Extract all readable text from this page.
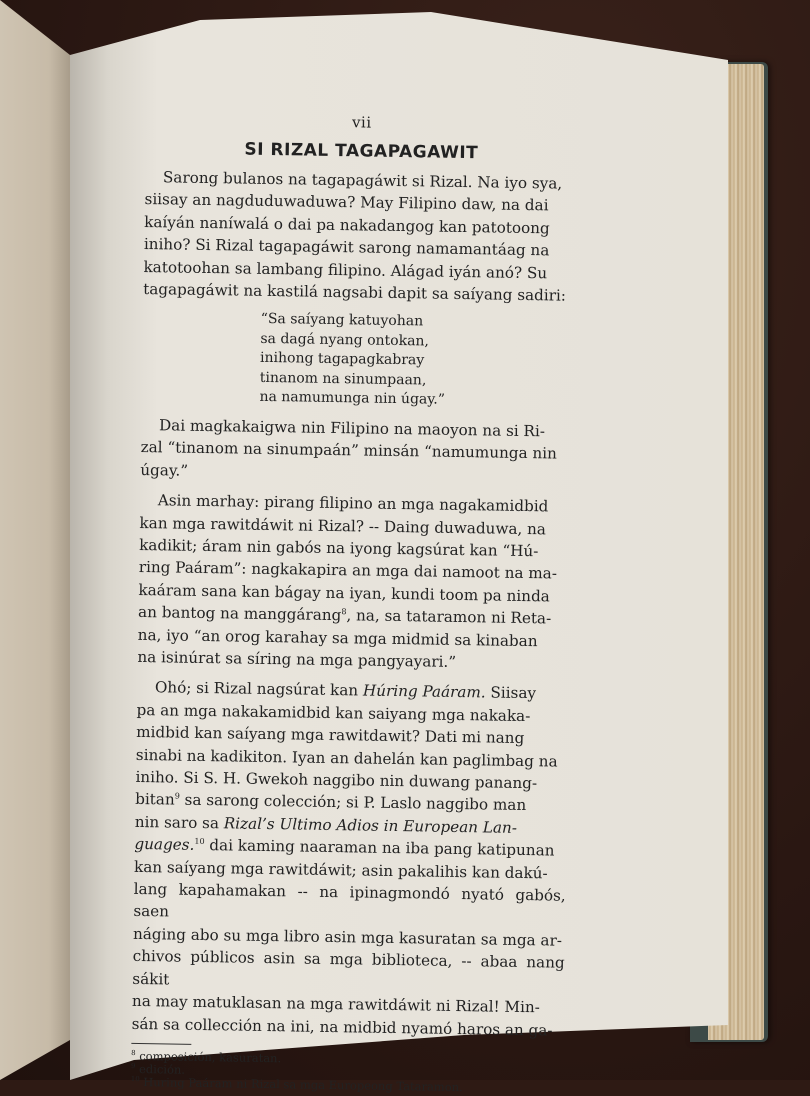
vii
SI RIZAL TAGAPAGAWIT
Sarong bulanos na tagapagáwit si Rizal. Na iyo sya,
siisay an nagduduwaduwa? May Filipino daw, na dai
kaíyán naníwalá o dai pa nakadangog kan patotoong
iniho? Si Rizal tagapagáwit sarong namamantáag na
katotoohan sa lambang filipino. Alágad iyán anó? Su
tagapagáwit na kastilá nagsabi dapit sa saíyang sadiri:
“Sa saíyang katuyohan
sa dagá nyang ontokan,
inihong tagapagkabray
tinanom na sinumpaan,
na namumunga nin úgay.”
Dai magkakaigwa nin Filipino na maoyon na si Ri-
zal “tinanom na sinumpaán” minsán “namumunga nin
úgay.”
Asin marhay: pirang filipino an mga nagakamidbid
kan mga rawitdáwit ni Rizal? -- Daing duwaduwa, na
kadikit; áram nin gabós na iyong kagsúrat kan “Hú-
ring Paáram”: nagkakapira an mga dai namoot na ma-
kaáram sana kan bágay na iyan, kundi toom pa ninda
an bantog na manggárang$^8$, na, sa tataramon ni Reta-
na, iyo “an orog karahay sa mga midmid sa kinaban
na isinúrat sa síring na mga pangyayari.”
Ohó; si Rizal nagsúrat kan Húring Paáram. Siisay
pa an mga nakakamidbid kan saiyang mga nakaka-
midbid kan saíyang mga rawitdawit? Dati mi nang
sinabi na kadikiton. Iyan an dahelán kan paglimbag na
iniho. Si S. H. Gwekoh naggibo nin duwang panang-
bitan$^9$ sa sarong colección; si P. Laslo naggibo man
nin saro sa Rizal’s Ultimo Adios in European Lan-
guages.$^{10}$ dai kaming naaraman na iba pang katipunan
kan saíyang mga rawitdáwit; asin pakalihis kan dakú-
lang kapahamakan -- na ipinagmondó nyató gabós, saen
náging abo su mga libro asin mga kasuratan sa mga ar-
chivos públicos asin sa mga biblioteca, -- abaa nang sákit
na may matuklasan na mga rawitdáwit ni Rizal! Min-
sán sa collección na ini, na midbid nyamó haros an ga-

$^8$ composición, kasuratan.

$^9$ edición.

$^{10}$ Huring Paáram ni Rizal sa mga Europeong Tataramon.
